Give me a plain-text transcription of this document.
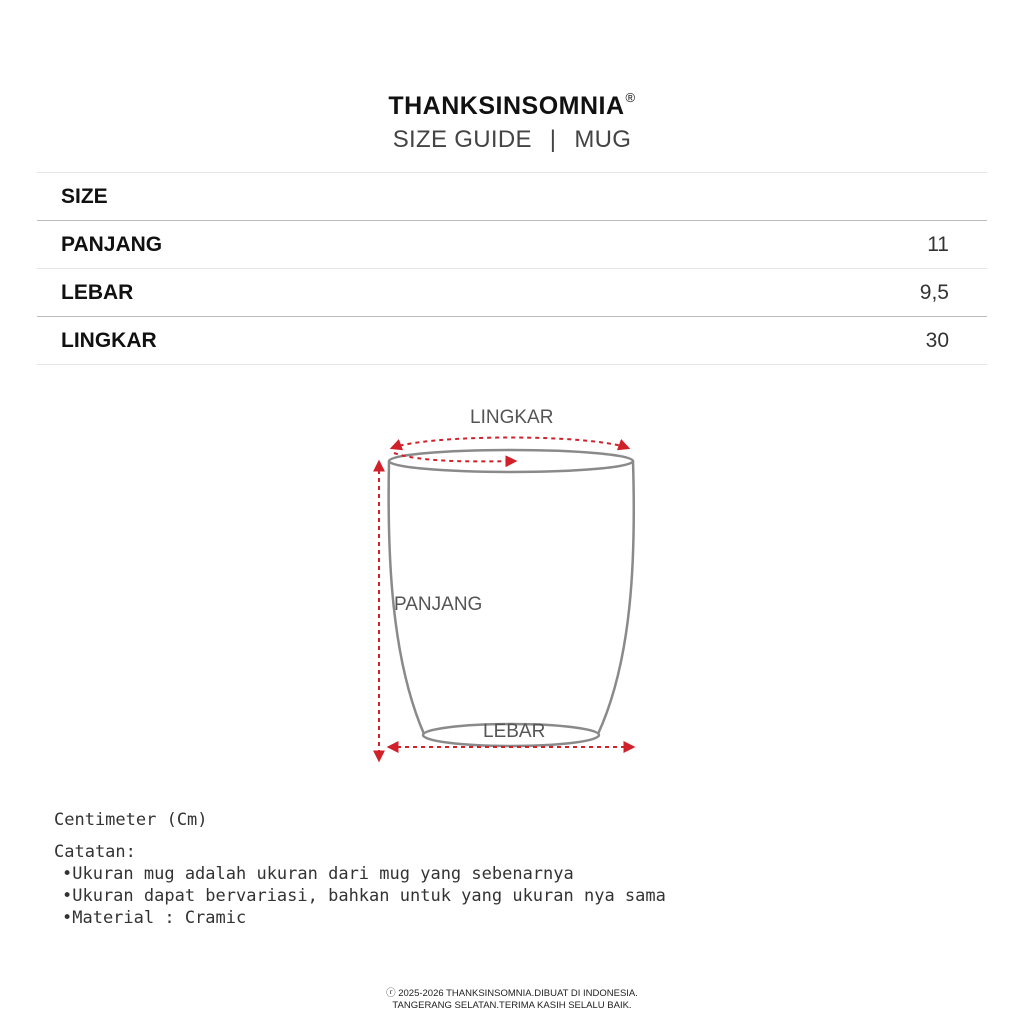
THANKSINSOMNIA®
SIZE GUIDE | MUG
SIZE
PANJANG	11
LEBAR	9,5
LINGKAR	30
LINGKAR
PANJANG
LEBAR
Centimeter (Cm)
Catatan:
•Ukuran mug adalah ukuran dari mug yang sebenarnya
•Ukuran dapat bervariasi, bahkan untuk yang ukuran nya sama
•Material : Cramic
ⓡ 2025-2026 THANKSINSOMNIA.DIBUAT DI INDONESIA.
TANGERANG SELATAN.TERIMA KASIH SELALU BAIK.
